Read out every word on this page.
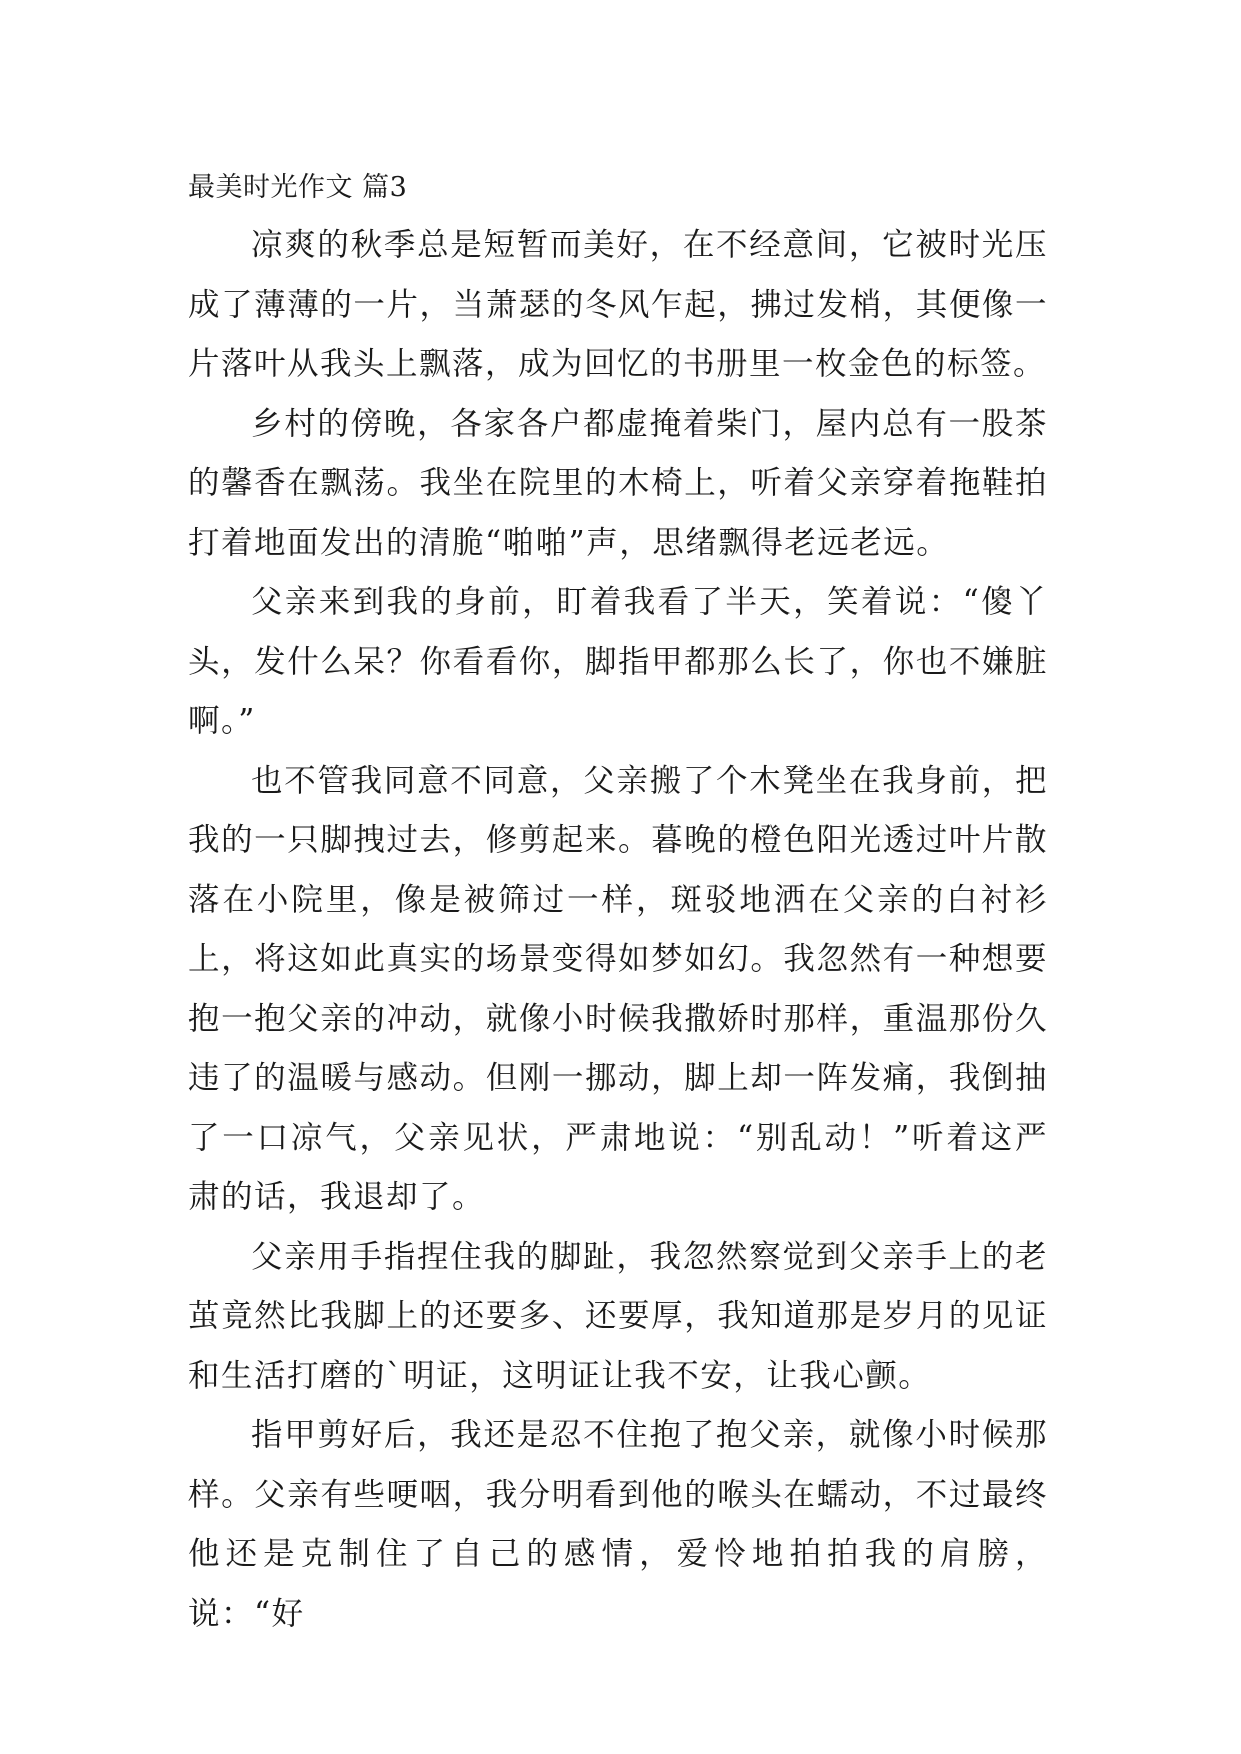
最美时光作文 篇3

凉爽的秋季总是短暂而美好，在不经意间，它被时光压成了薄薄的一片，当萧瑟的冬风乍起，拂过发梢，其便像一片落叶从我头上飘落，成为回忆的书册里一枚金色的标签。

乡村的傍晚，各家各户都虚掩着柴门，屋内总有一股茶的馨香在飘荡。我坐在院里的木椅上，听着父亲穿着拖鞋拍打着地面发出的清脆“啪啪”声，思绪飘得老远老远。

父亲来到我的身前，盯着我看了半天，笑着说：“傻丫头，发什么呆？你看看你，脚指甲都那么长了，你也不嫌脏啊。”

也不管我同意不同意，父亲搬了个木凳坐在我身前，把我的一只脚拽过去，修剪起来。暮晚的橙色阳光透过叶片散落在小院里，像是被筛过一样，斑驳地洒在父亲的白衬衫上，将这如此真实的场景变得如梦如幻。我忽然有一种想要抱一抱父亲的冲动，就像小时候我撒娇时那样，重温那份久违了的温暖与感动。但刚一挪动，脚上却一阵发痛，我倒抽了一口凉气，父亲见状，严肃地说：“别乱动！”听着这严肃的话，我退却了。

父亲用手指捏住我的脚趾，我忽然察觉到父亲手上的老茧竟然比我脚上的还要多、还要厚，我知道那是岁月的见证和生活打磨的`明证，这明证让我不安，让我心颤。

指甲剪好后，我还是忍不住抱了抱父亲，就像小时候那样。父亲有些哽咽，我分明看到他的喉头在蠕动，不过最终他还是克制住了自己的感情，爱怜地拍拍我的肩膀，说：“好
